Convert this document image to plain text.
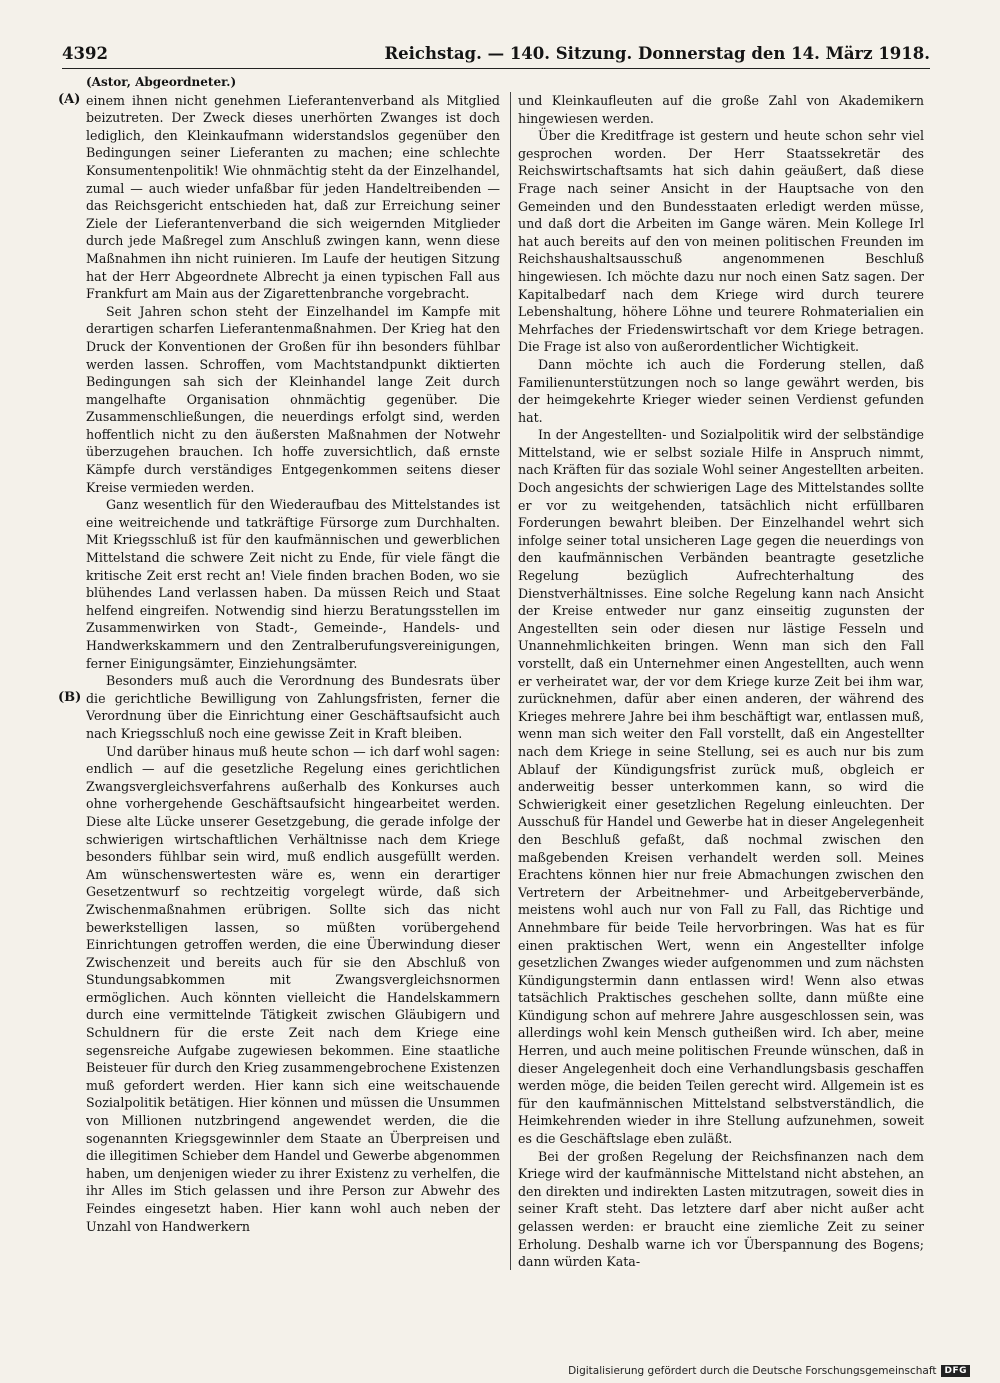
4392	Reichstag. — 140. Sitzung. Donnerstag den 14. März 1918.
(A)
(B)

(Astor, Abgeordneter.)

einem ihnen nicht genehmen Lieferantenverband als Mitglied beizutreten. Der Zweck dieses unerhörten Zwanges ist doch lediglich, den Kleinkaufmann widerstandslos gegenüber den Bedingungen seiner Lieferanten zu machen; eine schlechte Konsumentenpolitik! Wie ohnmächtig steht da der Einzelhandel, zumal — auch wieder unfaßbar für jeden Handeltreibenden — das Reichsgericht entschieden hat, daß zur Erreichung seiner Ziele der Lieferantenverband die sich weigernden Mitglieder durch jede Maßregel zum Anschluß zwingen kann, wenn diese Maßnahmen ihn nicht ruinieren. Im Laufe der heutigen Sitzung hat der Herr Abgeordnete Albrecht ja einen typischen Fall aus Frankfurt am Main aus der Zigarettenbranche vorgebracht.

Seit Jahren schon steht der Einzelhandel im Kampfe mit derartigen scharfen Lieferantenmaßnahmen. Der Krieg hat den Druck der Konventionen der Großen für ihn besonders fühlbar werden lassen. Schroffen, vom Machtstandpunkt diktierten Bedingungen sah sich der Kleinhandel lange Zeit durch mangelhafte Organisation ohnmächtig gegenüber. Die Zusammenschließungen, die neuerdings erfolgt sind, werden hoffentlich nicht zu den äußersten Maßnahmen der Notwehr überzugehen brauchen. Ich hoffe zuversichtlich, daß ernste Kämpfe durch verständiges Entgegenkommen seitens dieser Kreise vermieden werden.

Ganz wesentlich für den Wiederaufbau des Mittelstandes ist eine weitreichende und tatkräftige Fürsorge zum Durchhalten. Mit Kriegsschluß ist für den kaufmännischen und gewerblichen Mittelstand die schwere Zeit nicht zu Ende, für viele fängt die kritische Zeit erst recht an! Viele finden brachen Boden, wo sie blühendes Land verlassen haben. Da müssen Reich und Staat helfend eingreifen. Notwendig sind hierzu Beratungsstellen im Zusammenwirken von Stadt-, Gemeinde-, Handels- und Handwerkskammern und den Zentralberufungsvereinigungen, ferner Einigungsämter, Einziehungsämter.

Besonders muß auch die Verordnung des Bundesrats über die gerichtliche Bewilligung von Zahlungsfristen, ferner die Verordnung über die Einrichtung einer Geschäftsaufsicht auch nach Kriegsschluß noch eine gewisse Zeit in Kraft bleiben.

Und darüber hinaus muß heute schon — ich darf wohl sagen: endlich — auf die gesetzliche Regelung eines gerichtlichen Zwangsvergleichsverfahrens außerhalb des Konkurses auch ohne vorhergehende Geschäftsaufsicht hingearbeitet werden. Diese alte Lücke unserer Gesetzgebung, die gerade infolge der schwierigen wirtschaftlichen Verhältnisse nach dem Kriege besonders fühlbar sein wird, muß endlich ausgefüllt werden. Am wünschenswertesten wäre es, wenn ein derartiger Gesetzentwurf so rechtzeitig vorgelegt würde, daß sich Zwischenmaßnahmen erübrigen. Sollte sich das nicht bewerkstelligen lassen, so müßten vorübergehend Einrichtungen getroffen werden, die eine Überwindung dieser Zwischenzeit und bereits auch für sie den Abschluß von Stundungsabkommen mit Zwangsvergleichsnormen ermöglichen. Auch könnten vielleicht die Handelskammern durch eine vermittelnde Tätigkeit zwischen Gläubigern und Schuldnern für die erste Zeit nach dem Kriege eine segensreiche Aufgabe zugewiesen bekommen. Eine staatliche Beisteuer für durch den Krieg zusammengebrochene Existenzen muß gefordert werden. Hier kann sich eine weitschauende Sozialpolitik betätigen. Hier können und müssen die Unsummen von Millionen nutzbringend angewendet werden, die die sogenannten Kriegsgewinnler dem Staate an Überpreisen und die illegitimen Schieber dem Handel und Gewerbe abgenommen haben, um denjenigen wieder zu ihrer Existenz zu verhelfen, die ihr Alles im Stich gelassen und ihre Person zur Abwehr des Feindes eingesetzt haben. Hier kann wohl auch neben der Unzahl von Handwerkern

und Kleinkaufleuten auf die große Zahl von Akademikern hingewiesen werden.

Über die Kreditfrage ist gestern und heute schon sehr viel gesprochen worden. Der Herr Staatssekretär des Reichswirtschaftsamts hat sich dahin geäußert, daß diese Frage nach seiner Ansicht in der Hauptsache von den Gemeinden und den Bundesstaaten erledigt werden müsse, und daß dort die Arbeiten im Gange wären. Mein Kollege Irl hat auch bereits auf den von meinen politischen Freunden im Reichshaushaltsausschuß angenommenen Beschluß hingewiesen. Ich möchte dazu nur noch einen Satz sagen. Der Kapitalbedarf nach dem Kriege wird durch teurere Lebenshaltung, höhere Löhne und teurere Rohmaterialien ein Mehrfaches der Friedenswirtschaft vor dem Kriege betragen. Die Frage ist also von außerordentlicher Wichtigkeit.

Dann möchte ich auch die Forderung stellen, daß Familienunterstützungen noch so lange gewährt werden, bis der heimgekehrte Krieger wieder seinen Verdienst gefunden hat.

In der Angestellten- und Sozialpolitik wird der selbständige Mittelstand, wie er selbst soziale Hilfe in Anspruch nimmt, nach Kräften für das soziale Wohl seiner Angestellten arbeiten. Doch angesichts der schwierigen Lage des Mittelstandes sollte er vor zu weitgehenden, tatsächlich nicht erfüllbaren Forderungen bewahrt bleiben. Der Einzelhandel wehrt sich infolge seiner total unsicheren Lage gegen die neuerdings von den kaufmännischen Verbänden beantragte gesetzliche Regelung bezüglich Aufrechterhaltung des Dienstverhältnisses. Eine solche Regelung kann nach Ansicht der Kreise entweder nur ganz einseitig zugunsten der Angestellten sein oder diesen nur lästige Fesseln und Unannehmlichkeiten bringen. Wenn man sich den Fall vorstellt, daß ein Unternehmer einen Angestellten, auch wenn er verheiratet war, der vor dem Kriege kurze Zeit bei ihm war, zurücknehmen, dafür aber einen anderen, der während des Krieges mehrere Jahre bei ihm beschäftigt war, entlassen muß, wenn man sich weiter den Fall vorstellt, daß ein Angestellter nach dem Kriege in seine Stellung, sei es auch nur bis zum Ablauf der Kündigungsfrist zurück muß, obgleich er anderweitig besser unterkommen kann, so wird die Schwierigkeit einer gesetzlichen Regelung einleuchten. Der Ausschuß für Handel und Gewerbe hat in dieser Angelegenheit den Beschluß gefaßt, daß nochmal zwischen den maßgebenden Kreisen verhandelt werden soll. Meines Erachtens können hier nur freie Abmachungen zwischen den Vertretern der Arbeitnehmer- und Arbeitgeberverbände, meistens wohl auch nur von Fall zu Fall, das Richtige und Annehmbare für beide Teile hervorbringen. Was hat es für einen praktischen Wert, wenn ein Angestellter infolge gesetzlichen Zwanges wieder aufgenommen und zum nächsten Kündigungstermin dann entlassen wird! Wenn also etwas tatsächlich Praktisches geschehen sollte, dann müßte eine Kündigung schon auf mehrere Jahre ausgeschlossen sein, was allerdings wohl kein Mensch gutheißen wird. Ich aber, meine Herren, und auch meine politischen Freunde wünschen, daß in dieser Angelegenheit doch eine Verhandlungsbasis geschaffen werden möge, die beiden Teilen gerecht wird. Allgemein ist es für den kaufmännischen Mittelstand selbstverständlich, die Heimkehrenden wieder in ihre Stellung aufzunehmen, soweit es die Geschäftslage eben zuläßt.

Bei der großen Regelung der Reichsfinanzen nach dem Kriege wird der kaufmännische Mittelstand nicht abstehen, an den direkten und indirekten Lasten mitzutragen, soweit dies in seiner Kraft steht. Das letztere darf aber nicht außer acht gelassen werden: er braucht eine ziemliche Zeit zu seiner Erholung. Deshalb warne ich vor Überspannung des Bogens; dann würden Kata-

Digitalisierung gefördert durch die Deutsche Forschungsgemeinschaft DFG
